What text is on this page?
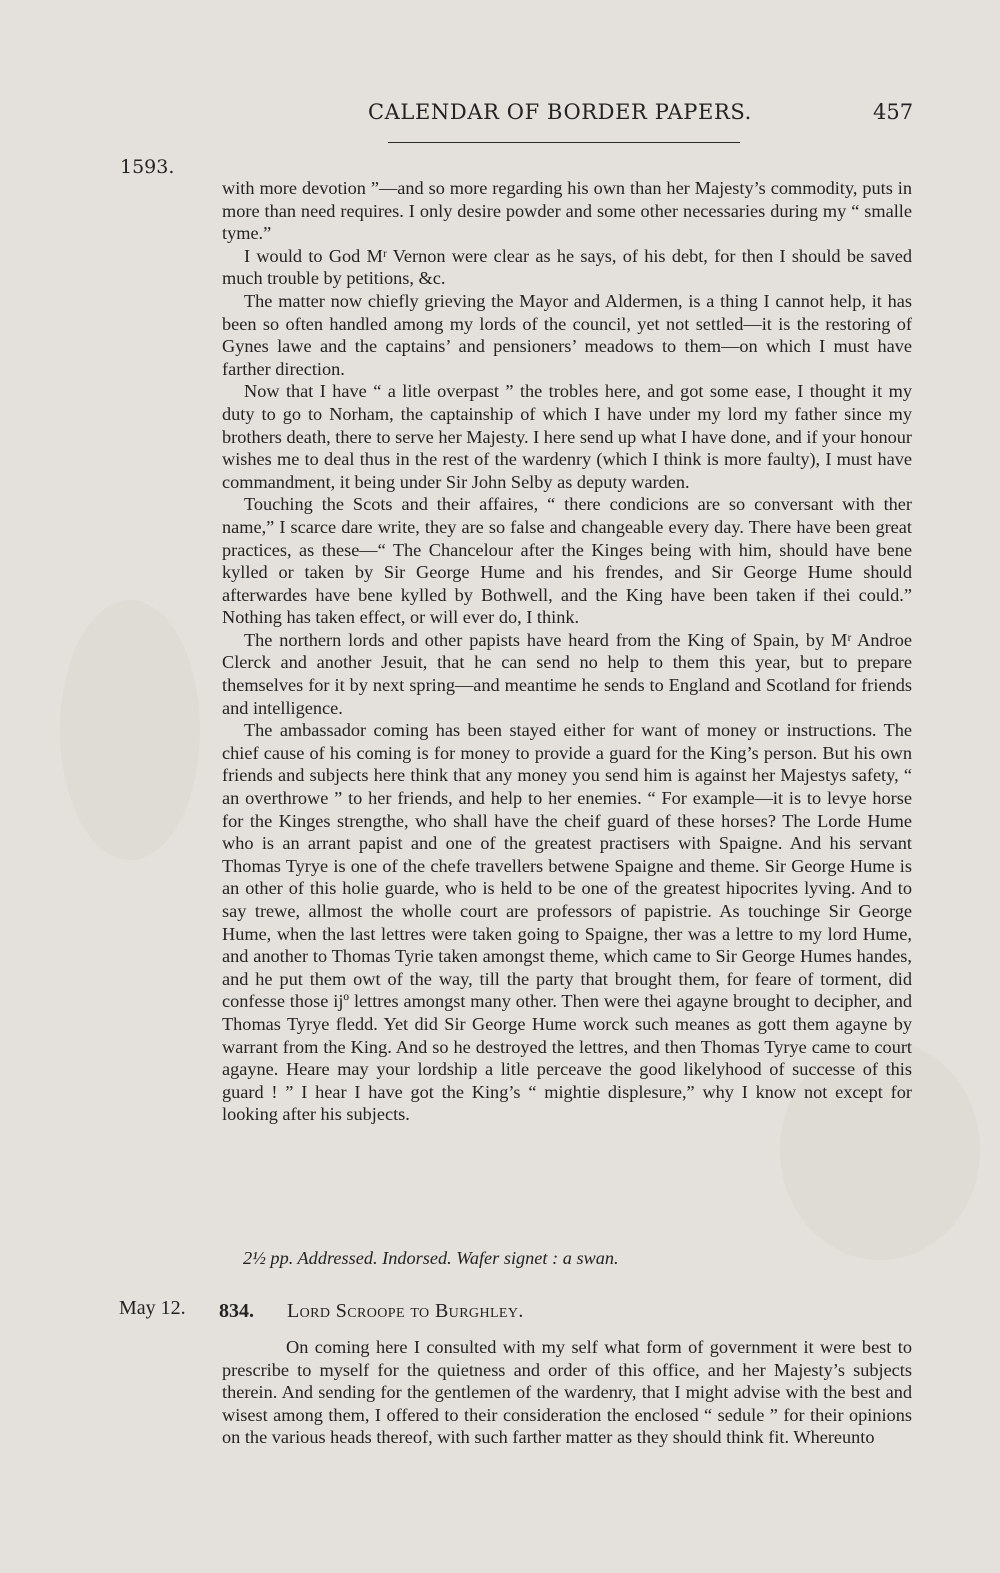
CALENDAR OF BORDER PAPERS.	457
1593.

with more devotion ”—and so more regarding his own than her Majesty’s commodity, puts in more than need requires. I only desire powder and some other necessaries during my “ smalle tyme.”

I would to God Mʳ Vernon were clear as he says, of his debt, for then I should be saved much trouble by petitions, &c.

The matter now chiefly grieving the Mayor and Aldermen, is a thing I cannot help, it has been so often handled among my lords of the council, yet not settled—it is the restoring of Gynes lawe and the captains’ and pensioners’ meadows to them—on which I must have farther direction.

Now that I have “ a litle overpast ” the trobles here, and got some ease, I thought it my duty to go to Norham, the captainship of which I have under my lord my father since my brothers death, there to serve her Majesty. I here send up what I have done, and if your honour wishes me to deal thus in the rest of the wardenry (which I think is more faulty), I must have commandment, it being under Sir John Selby as deputy warden.

Touching the Scots and their affaires, “ there condicions are so conversant with ther name,” I scarce dare write, they are so false and changeable every day. There have been great practices, as these—“ The Chancelour after the Kinges being with him, should have bene kylled or taken by Sir George Hume and his frendes, and Sir George Hume should afterwardes have bene kylled by Bothwell, and the King have been taken if thei could.” Nothing has taken effect, or will ever do, I think.

The northern lords and other papists have heard from the King of Spain, by Mʳ Androe Clerck and another Jesuit, that he can send no help to them this year, but to prepare themselves for it by next spring—and meantime he sends to England and Scotland for friends and intelligence.

The ambassador coming has been stayed either for want of money or instructions. The chief cause of his coming is for money to provide a guard for the King’s person. But his own friends and subjects here think that any money you send him is against her Majestys safety, “ an overthrowe ” to her friends, and help to her enemies. “ For example—it is to levye horse for the Kinges strengthe, who shall have the cheif guard of these horses? The Lorde Hume who is an arrant papist and one of the greatest practisers with Spaigne. And his servant Thomas Tyrye is one of the chefe travellers betwene Spaigne and theme. Sir George Hume is an other of this holie guarde, who is held to be one of the greatest hipocrites lyving. And to say trewe, allmost the wholle court are professors of papistrie. As touchinge Sir George Hume, when the last lettres were taken going to Spaigne, ther was a lettre to my lord Hume, and another to Thomas Tyrie taken amongst theme, which came to Sir George Humes handes, and he put them owt of the way, till the party that brought them, for feare of torment, did confesse those ijº lettres amongst many other. Then were thei agayne brought to decipher, and Thomas Tyrye fledd. Yet did Sir George Hume worck such meanes as gott them agayne by warrant from the King. And so he destroyed the lettres, and then Thomas Tyrye came to court agayne. Heare may your lordship a litle perceave the good likelyhood of successe of this guard ! ” I hear I have got the King’s “ mightie displesure,” why I know not except for looking after his subjects.

2½ pp. Addressed. Indorsed. Wafer signet : a swan.
May 12. 834. Lord Scroope to Burghley.

On coming here I consulted with my self what form of government it were best to prescribe to myself for the quietness and order of this office, and her Majesty’s subjects therein. And sending for the gentlemen of the wardenry, that I might advise with the best and wisest among them, I offered to their consideration the enclosed “ sedule ” for their opinions on the various heads thereof, with such farther matter as they should think fit. Whereunto
